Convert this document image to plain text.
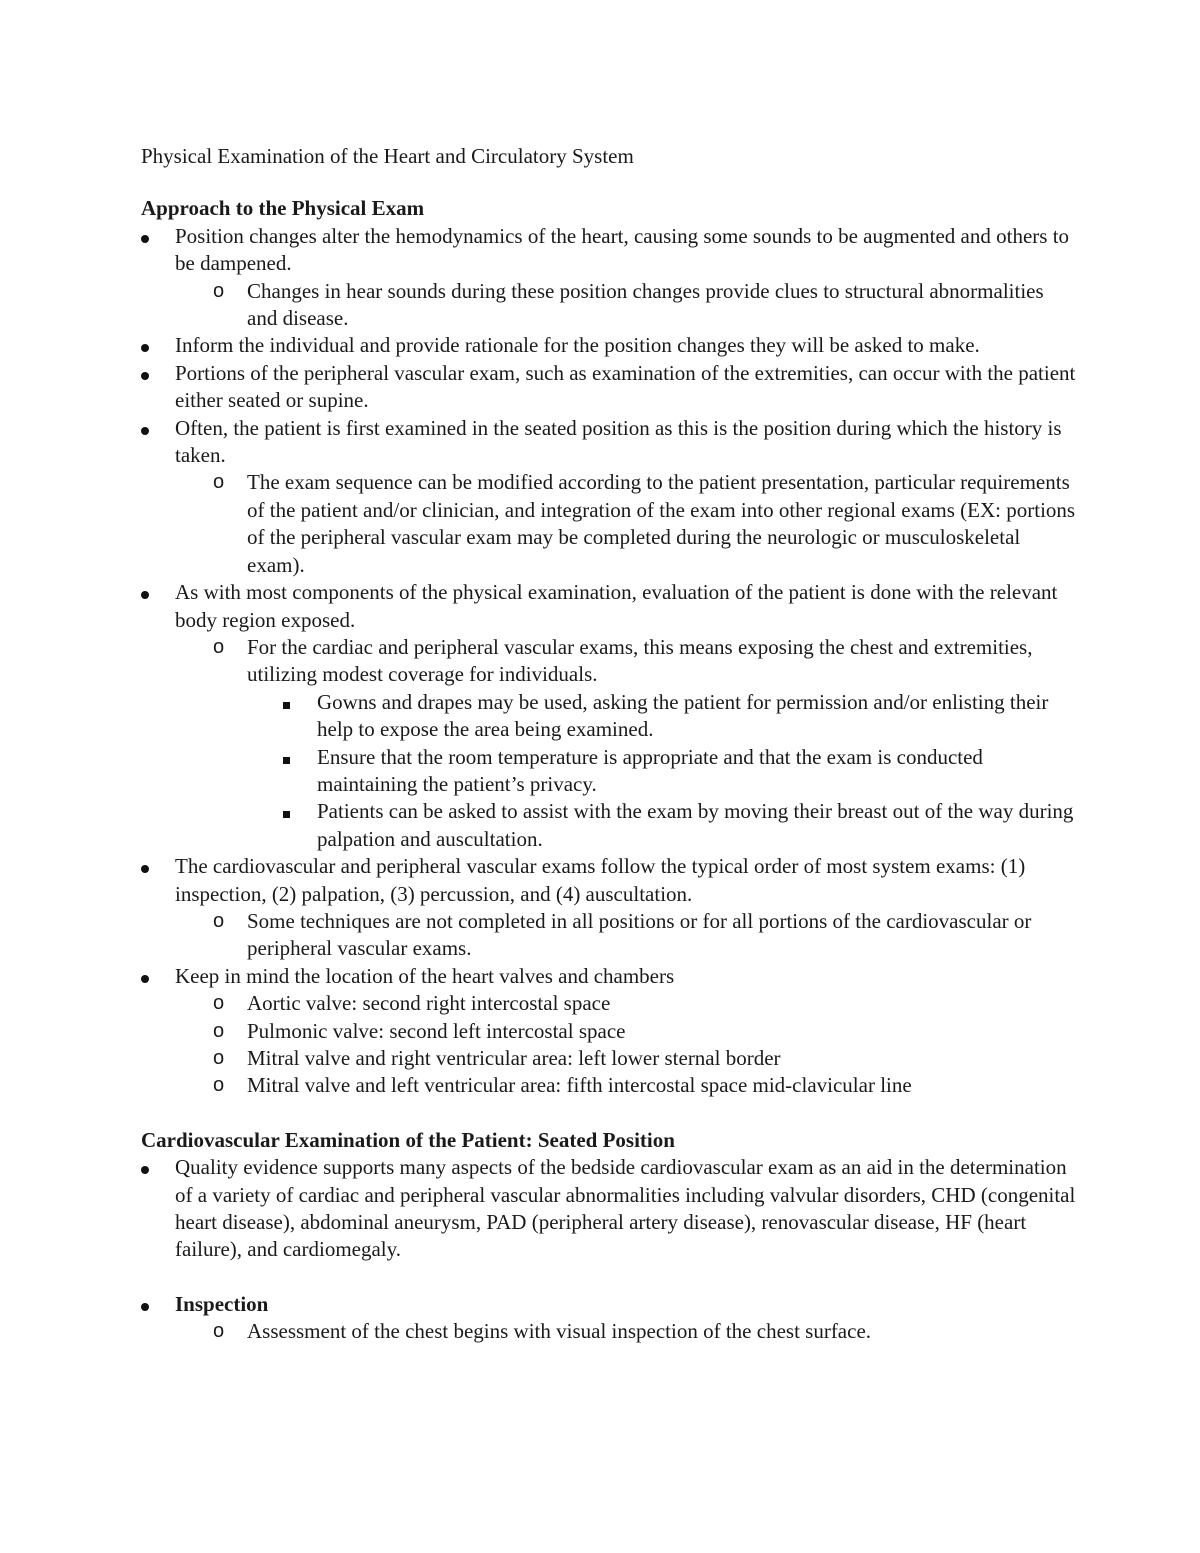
Physical Examination of the Heart and Circulatory System

Approach to the Physical Exam
Position changes alter the hemodynamics of the heart, causing some sounds to be augmented and others to be dampened.
o Changes in hear sounds during these position changes provide clues to structural abnormalities and disease.
Inform the individual and provide rationale for the position changes they will be asked to make.
Portions of the peripheral vascular exam, such as examination of the extremities, can occur with the patient either seated or supine.
Often, the patient is first examined in the seated position as this is the position during which the history is taken.
o The exam sequence can be modified according to the patient presentation, particular requirements of the patient and/or clinician, and integration of the exam into other regional exams (EX: portions of the peripheral vascular exam may be completed during the neurologic or musculoskeletal exam).
As with most components of the physical examination, evaluation of the patient is done with the relevant body region exposed.
o For the cardiac and peripheral vascular exams, this means exposing the chest and extremities, utilizing modest coverage for individuals.
Gowns and drapes may be used, asking the patient for permission and/or enlisting their help to expose the area being examined.
Ensure that the room temperature is appropriate and that the exam is conducted maintaining the patient’s privacy.
Patients can be asked to assist with the exam by moving their breast out of the way during palpation and auscultation.
The cardiovascular and peripheral vascular exams follow the typical order of most system exams: (1) inspection, (2) palpation, (3) percussion, and (4) auscultation.
o Some techniques are not completed in all positions or for all portions of the cardiovascular or peripheral vascular exams.
Keep in mind the location of the heart valves and chambers
o Aortic valve: second right intercostal space
o Pulmonic valve: second left intercostal space
o Mitral valve and right ventricular area: left lower sternal border
o Mitral valve and left ventricular area: fifth intercostal space mid-clavicular line
Cardiovascular Examination of the Patient: Seated Position
Quality evidence supports many aspects of the bedside cardiovascular exam as an aid in the determination of a variety of cardiac and peripheral vascular abnormalities including valvular disorders, CHD (congenital heart disease), abdominal aneurysm, PAD (peripheral artery disease), renovascular disease, HF (heart failure), and cardiomegaly.
Inspection
o Assessment of the chest begins with visual inspection of the chest surface.
